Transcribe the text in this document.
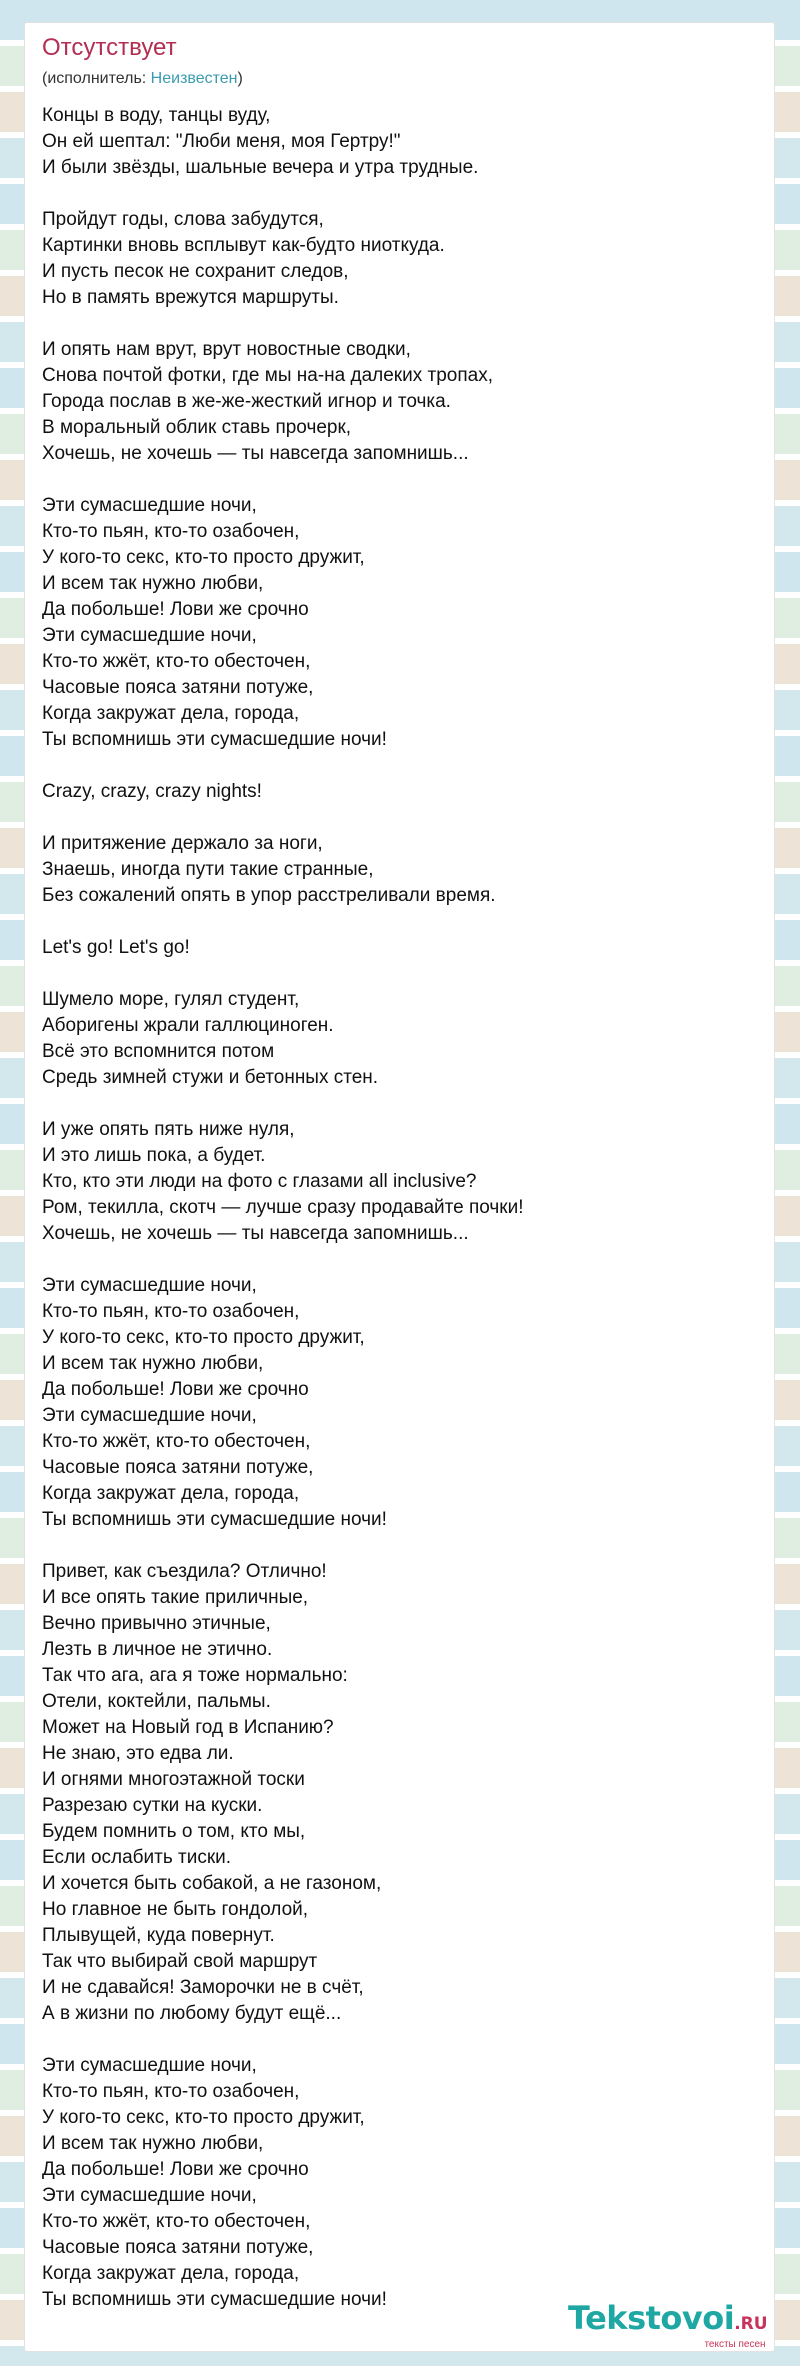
Отсутствует
(исполнитель: Неизвестен)
Концы в воду, танцы вуду,
Он ей шептал: "Люби меня, моя Гертру!"
И были звёзды, шальные вечера и утра трудные.
Пройдут годы, слова забудутся,
Картинки вновь всплывут как-будто ниоткуда.
И пусть песок не сохранит следов,
Но в память врежутся маршруты.
И опять нам врут, врут новостные сводки,
Снова почтой фотки, где мы на-на далеких тропах,
Города послав в же-же-жесткий игнор и точка.
В моральный облик ставь прочерк,
Хочешь, не хочешь — ты навсегда запомнишь...
Эти сумасшедшие ночи,
Кто-то пьян, кто-то озабочен,
У кого-то секс, кто-то просто дружит,
И всем так нужно любви,
Да побольше! Лови же срочно
Эти сумасшедшие ночи,
Кто-то жжёт, кто-то обесточен,
Часовые пояса затяни потуже,
Когда закружат дела, города,
Ты вспомнишь эти сумасшедшие ночи!
Crazy, crazy, crazy nights!
И притяжение держало за ноги,
Знаешь, иногда пути такие странные,
Без сожалений опять в упор расстреливали время.
Let's go! Let's go!
Шумело море, гулял студент,
Аборигены жрали галлюциноген.
Всё это вспомнится потом
Средь зимней стужи и бетонных стен.
И уже опять пять ниже нуля,
И это лишь пока, а будет.
Кто, кто эти люди на фото с глазами all inclusive?
Ром, текилла, скотч — лучше сразу продавайте почки!
Хочешь, не хочешь — ты навсегда запомнишь...
Эти сумасшедшие ночи,
Кто-то пьян, кто-то озабочен,
У кого-то секс, кто-то просто дружит,
И всем так нужно любви,
Да побольше! Лови же срочно
Эти сумасшедшие ночи,
Кто-то жжёт, кто-то обесточен,
Часовые пояса затяни потуже,
Когда закружат дела, города,
Ты вспомнишь эти сумасшедшие ночи!
Привет, как съездила? Отлично!
И все опять такие приличные,
Вечно привычно этичные,
Лезть в личное не этично.
Так что ага, ага я тоже нормально:
Отели, коктейли, пальмы.
Может на Новый год в Испанию?
Не знаю, это едва ли.
И огнями многоэтажной тоски
Разрезаю сутки на куски.
Будем помнить о том, кто мы,
Если ослабить тиски.
И хочется быть собакой, а не газоном,
Но главное не быть гондолой,
Плывущей, куда повернут.
Так что выбирай свой маршрут
И не сдавайся! Заморочки не в счёт,
А в жизни по любому будут ещё...
Эти сумасшедшие ночи,
Кто-то пьян, кто-то озабочен,
У кого-то секс, кто-то просто дружит,
И всем так нужно любви,
Да побольше! Лови же срочно
Эти сумасшедшие ночи,
Кто-то жжёт, кто-то обесточен,
Часовые пояса затяни потуже,
Когда закружат дела, города,
Ты вспомнишь эти сумасшедшие ночи!	Tekstovoi.RU
тексты песен
